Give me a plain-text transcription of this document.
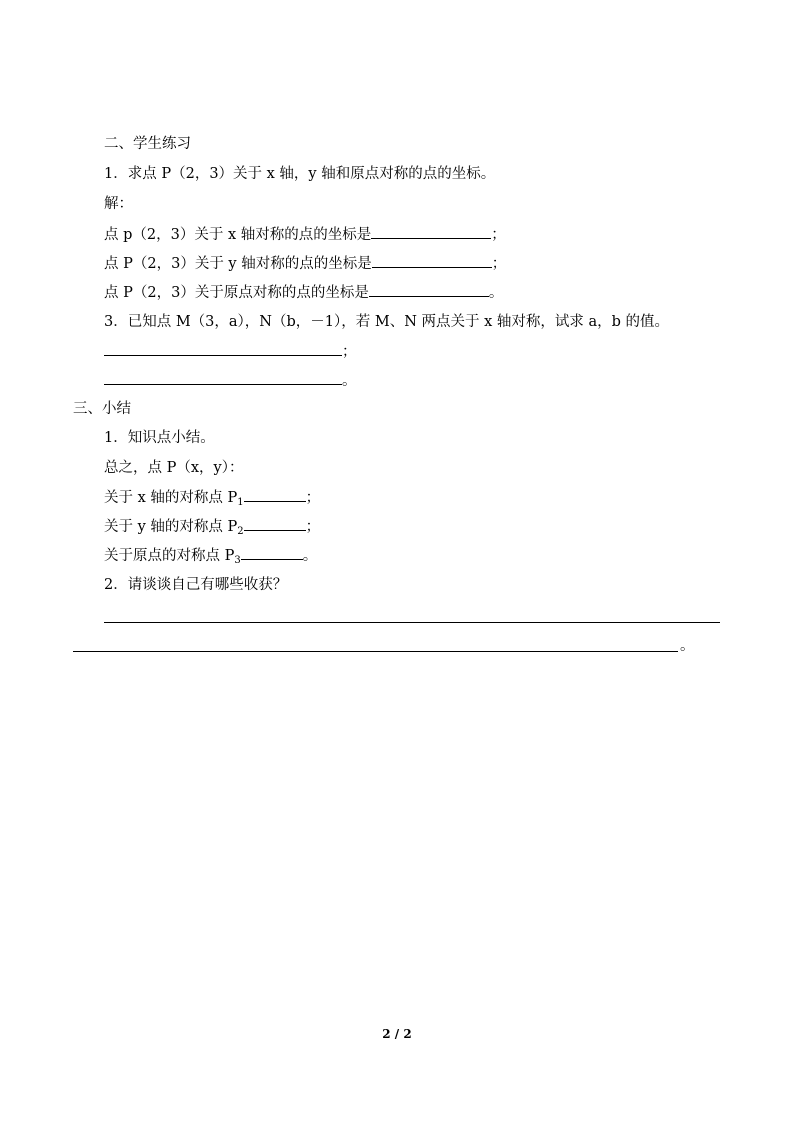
二、学生练习
1．求点 P（2，3）关于 x 轴，y 轴和原点对称的点的坐标。
解：
点 p（2，3）关于 x 轴对称的点的坐标是	；
点 P（2，3）关于 y 轴对称的点的坐标是	；
点 P（2，3）关于原点对称的点的坐标是	。
3．已知点 M（3，a），N（b，－1），若 M、N 两点关于 x 轴对称，试求 a，b 的值。
；
。
三、小结
1．知识点小结。
总之，点 P（x，y）：
关于 x 轴的对称点 $P_1$	；
关于 y 轴的对称点 $P_2$	；
关于原点的对称点 $P_3$	。
2．请谈谈自己有哪些收获？
。
2 / 2
